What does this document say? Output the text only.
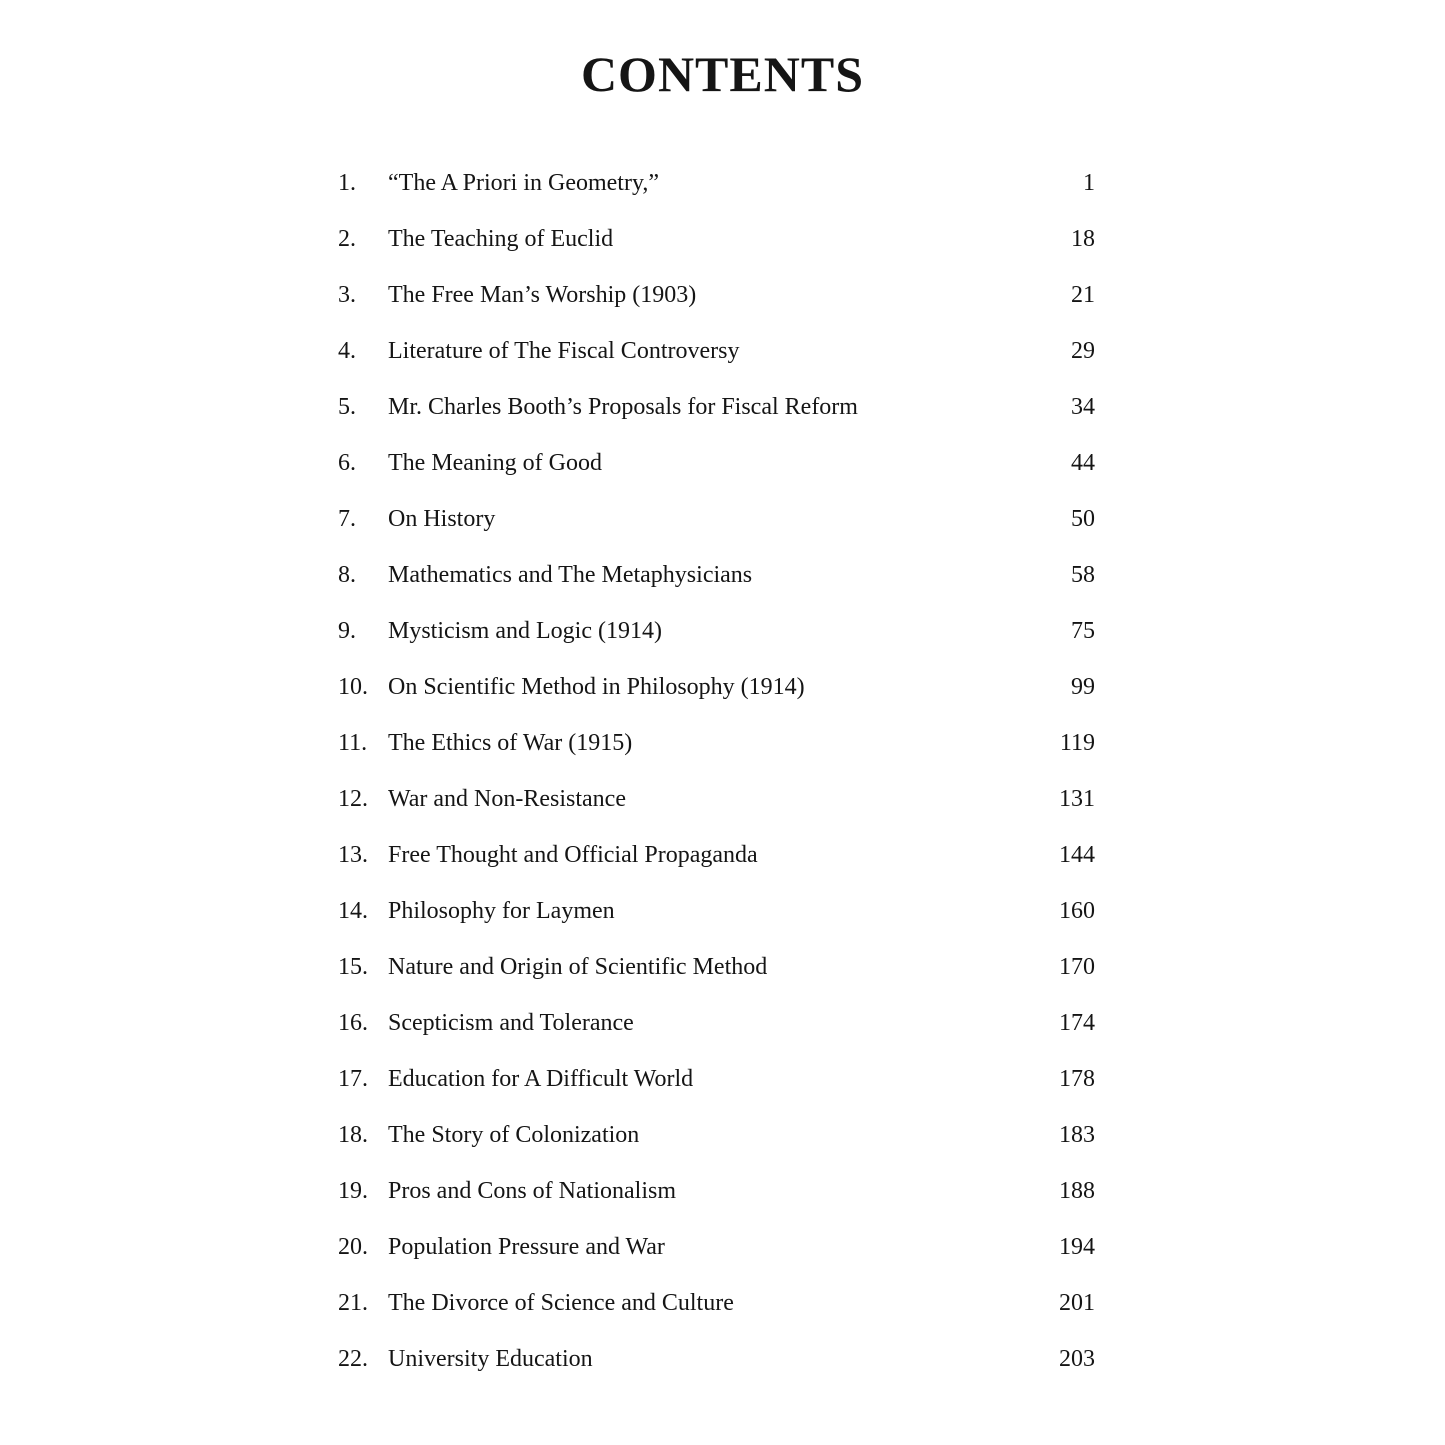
CONTENTS
1.	“The A Priori in Geometry,”	1
2.	The Teaching of Euclid	18
3.	The Free Man’s Worship (1903)	21
4.	Literature of The Fiscal Controversy	29
5.	Mr. Charles Booth’s Proposals for Fiscal Reform	34
6.	The Meaning of Good	44
7.	On History	50
8.	Mathematics and The Metaphysicians	58
9.	Mysticism and Logic (1914)	75
10. On Scientific Method in Philosophy (1914)	99
11. The Ethics of War (1915)	119
12. War and Non-Resistance	131
13. Free Thought and Official Propaganda	144
14. Philosophy for Laymen	160
15. Nature and Origin of Scientific Method	170
16. Scepticism and Tolerance	174
17. Education for A Difficult World	178
18. The Story of Colonization	183
19. Pros and Cons of Nationalism	188
20. Population Pressure and War	194
21. The Divorce of Science and Culture	201
22. University Education	203
